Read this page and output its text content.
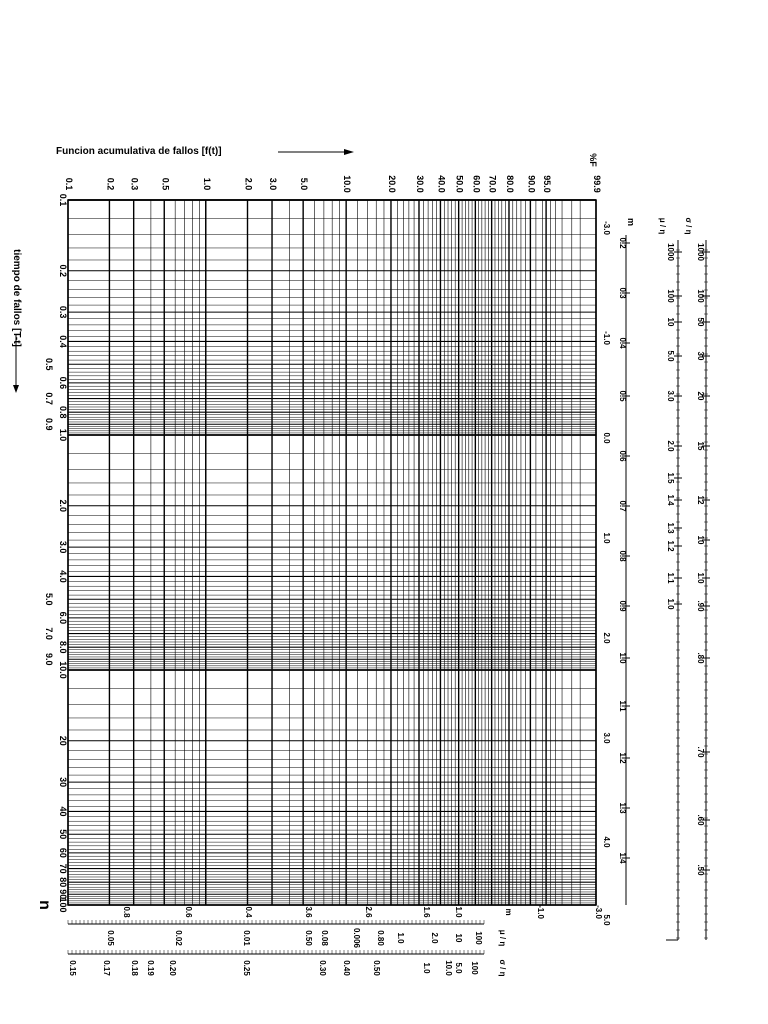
0.1	0.2 0.3 0.5	1.0	2.0 3.0 5.0	10.0	20.0 30.0 40.0 50.0 60.0 70.0 80.0 90.0 95.0	99.9
%F
0.1
0.2
0.3
0.4
0.5
0.6
0.7
0.8
0.9
1.0
2.0
3.0
4.0
5.0
6.0
7.0
8.0
9.0
10.0
20
30
40
50
60
70
80
90
100
tiempo de fallos [T-t]
n
0.8	0.6	0.4	3.6	2.6	1.6	1.0	m	-1.0	-3.0
0.05	0.02	0.01	0.50 0.08	0.006 0.80 1.0	2.0 10 100 μ / η
0.15	0.17 0.18 0.19 0.20	0.25	0.30 0.40	0.50	1.0 10.0 5.0 100 σ / η
-3.0
-1.0
0.0
1.0
2.0
3.0
4.0
5.0
m
0.2
0.3
0.4
0.5
0.6
0.7
0.8
0.9
1.0
1.1
1.2
1.3
1.4
μ / η σ / η
1000
100
10
5.0
3.0
2.0
1.5
1.4
1.3
1.2
1.1
1.0
1000
100
50
30
20
15
12
10
1.0
.90
.80
.70
.60
.50
Funcion acumulativa de fallos [f(t)]
